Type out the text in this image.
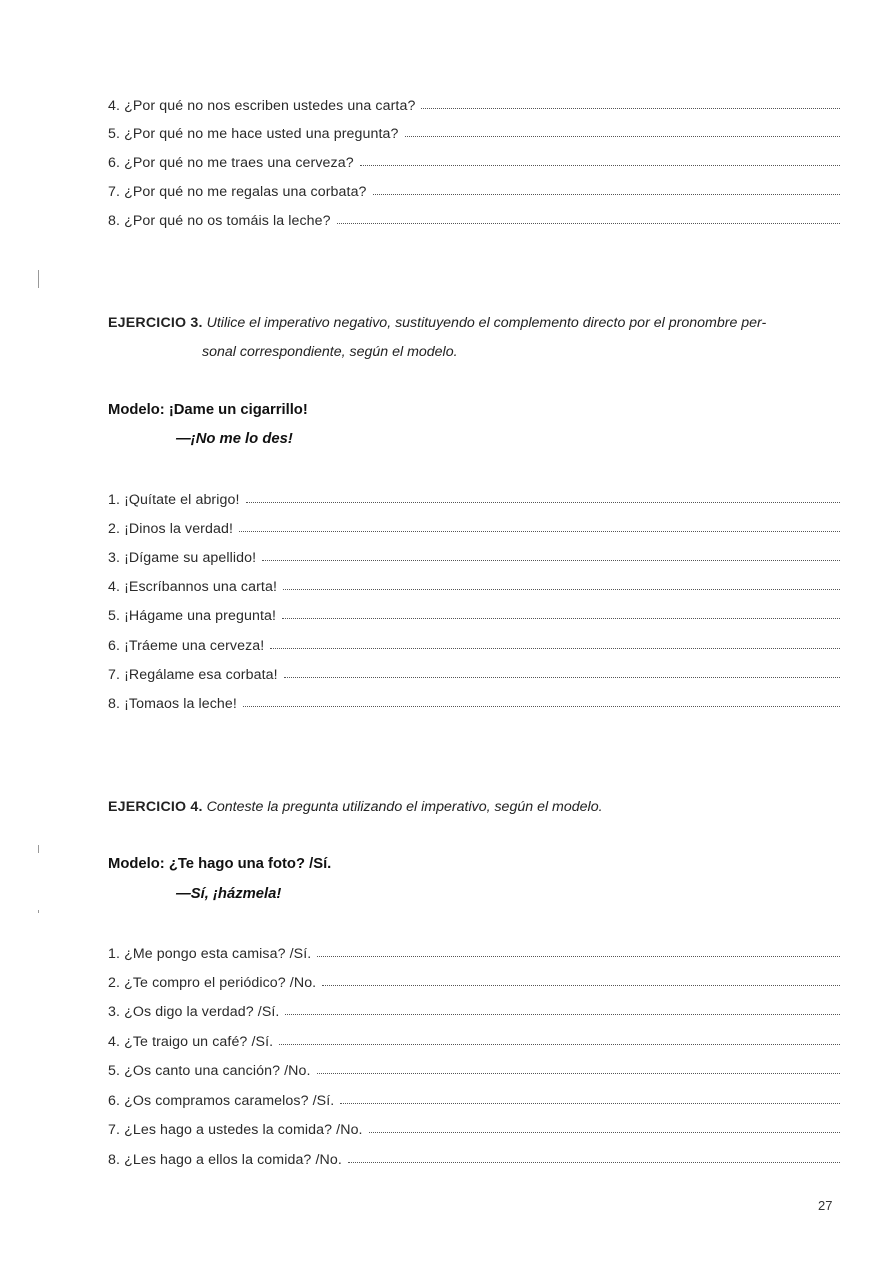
4. ¿Por qué no nos escriben ustedes una carta?
5. ¿Por qué no me hace usted una pregunta?
6. ¿Por qué no me traes una cerveza?
7. ¿Por qué no me regalas una corbata?
8. ¿Por qué no os tomáis la leche?
EJERCICIO 3. Utilice el imperativo negativo, sustituyendo el complemento directo por el pronombre per-
sonal correspondiente, según el modelo.
Modelo: ¡Dame un cigarrillo!
—¡No me lo des!
1. ¡Quítate el abrigo!
2. ¡Dinos la verdad!
3. ¡Dígame su apellido!
4. ¡Escríbannos una carta!
5. ¡Hágame una pregunta!
6. ¡Tráeme una cerveza!
7. ¡Regálame esa corbata!
8. ¡Tomaos la leche!
EJERCICIO 4. Conteste la pregunta utilizando el imperativo, según el modelo.
Modelo: ¿Te hago una foto? /Sí.
—Sí, ¡házmela!
1. ¿Me pongo esta camisa? /Sí.
2. ¿Te compro el periódico? /No.
3. ¿Os digo la verdad? /Sí.
4. ¿Te traigo un café? /Sí.
5. ¿Os canto una canción? /No.
6. ¿Os compramos caramelos? /Sí.
7. ¿Les hago a ustedes la comida? /No.
8. ¿Les hago a ellos la comida? /No.
27
